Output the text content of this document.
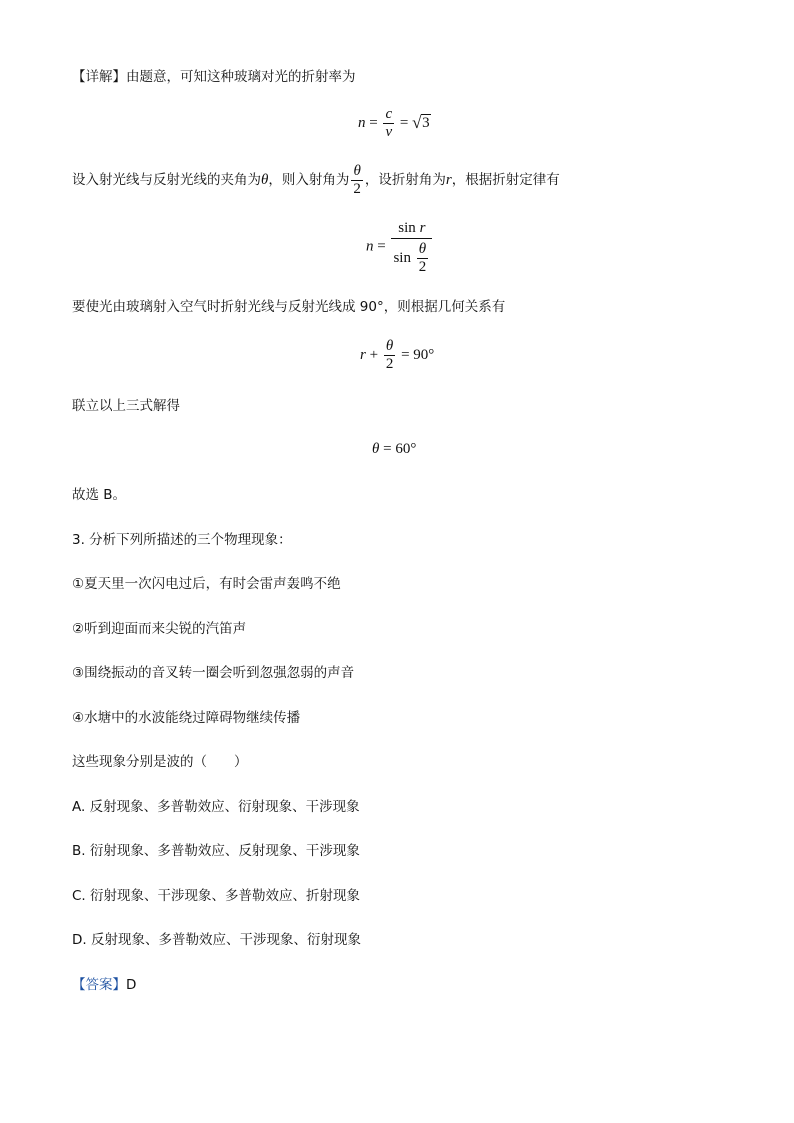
【详解】由题意，可知这种玻璃对光的折射率为
$n = \frac{c}{v}$ = √ 3
设入射光线与反射光线的夹角为θ，则入射角为 $\frac{\theta}{2}$ ，设折射角为r，根据折射定律有
$n = \frac{\text{sin r}}{\sin \frac{\theta}{2}}$
要使光由玻璃射入空气时折射光线与反射光线成 90°，则根据几何关系有
$r + \frac{\theta}{2} = 90^\circ$
联立以上三式解得
θ = 60°
故选 B。
3. 分析下列所描述的三个物理现象：
①夏天里一次闪电过后，有时会雷声轰鸣不绝
②听到迎面而来尖锐的汽笛声
③围绕振动的音叉转一圈会听到忽强忽弱的声音
④水塘中的水波能绕过障碍物继续传播
这些现象分别是波的（　　）
A. 反射现象、多普勒效应、衍射现象、干涉现象
B. 衍射现象、多普勒效应、反射现象、干涉现象
C. 衍射现象、干涉现象、多普勒效应、折射现象
D. 反射现象、多普勒效应、干涉现象、衍射现象
【答案】D
